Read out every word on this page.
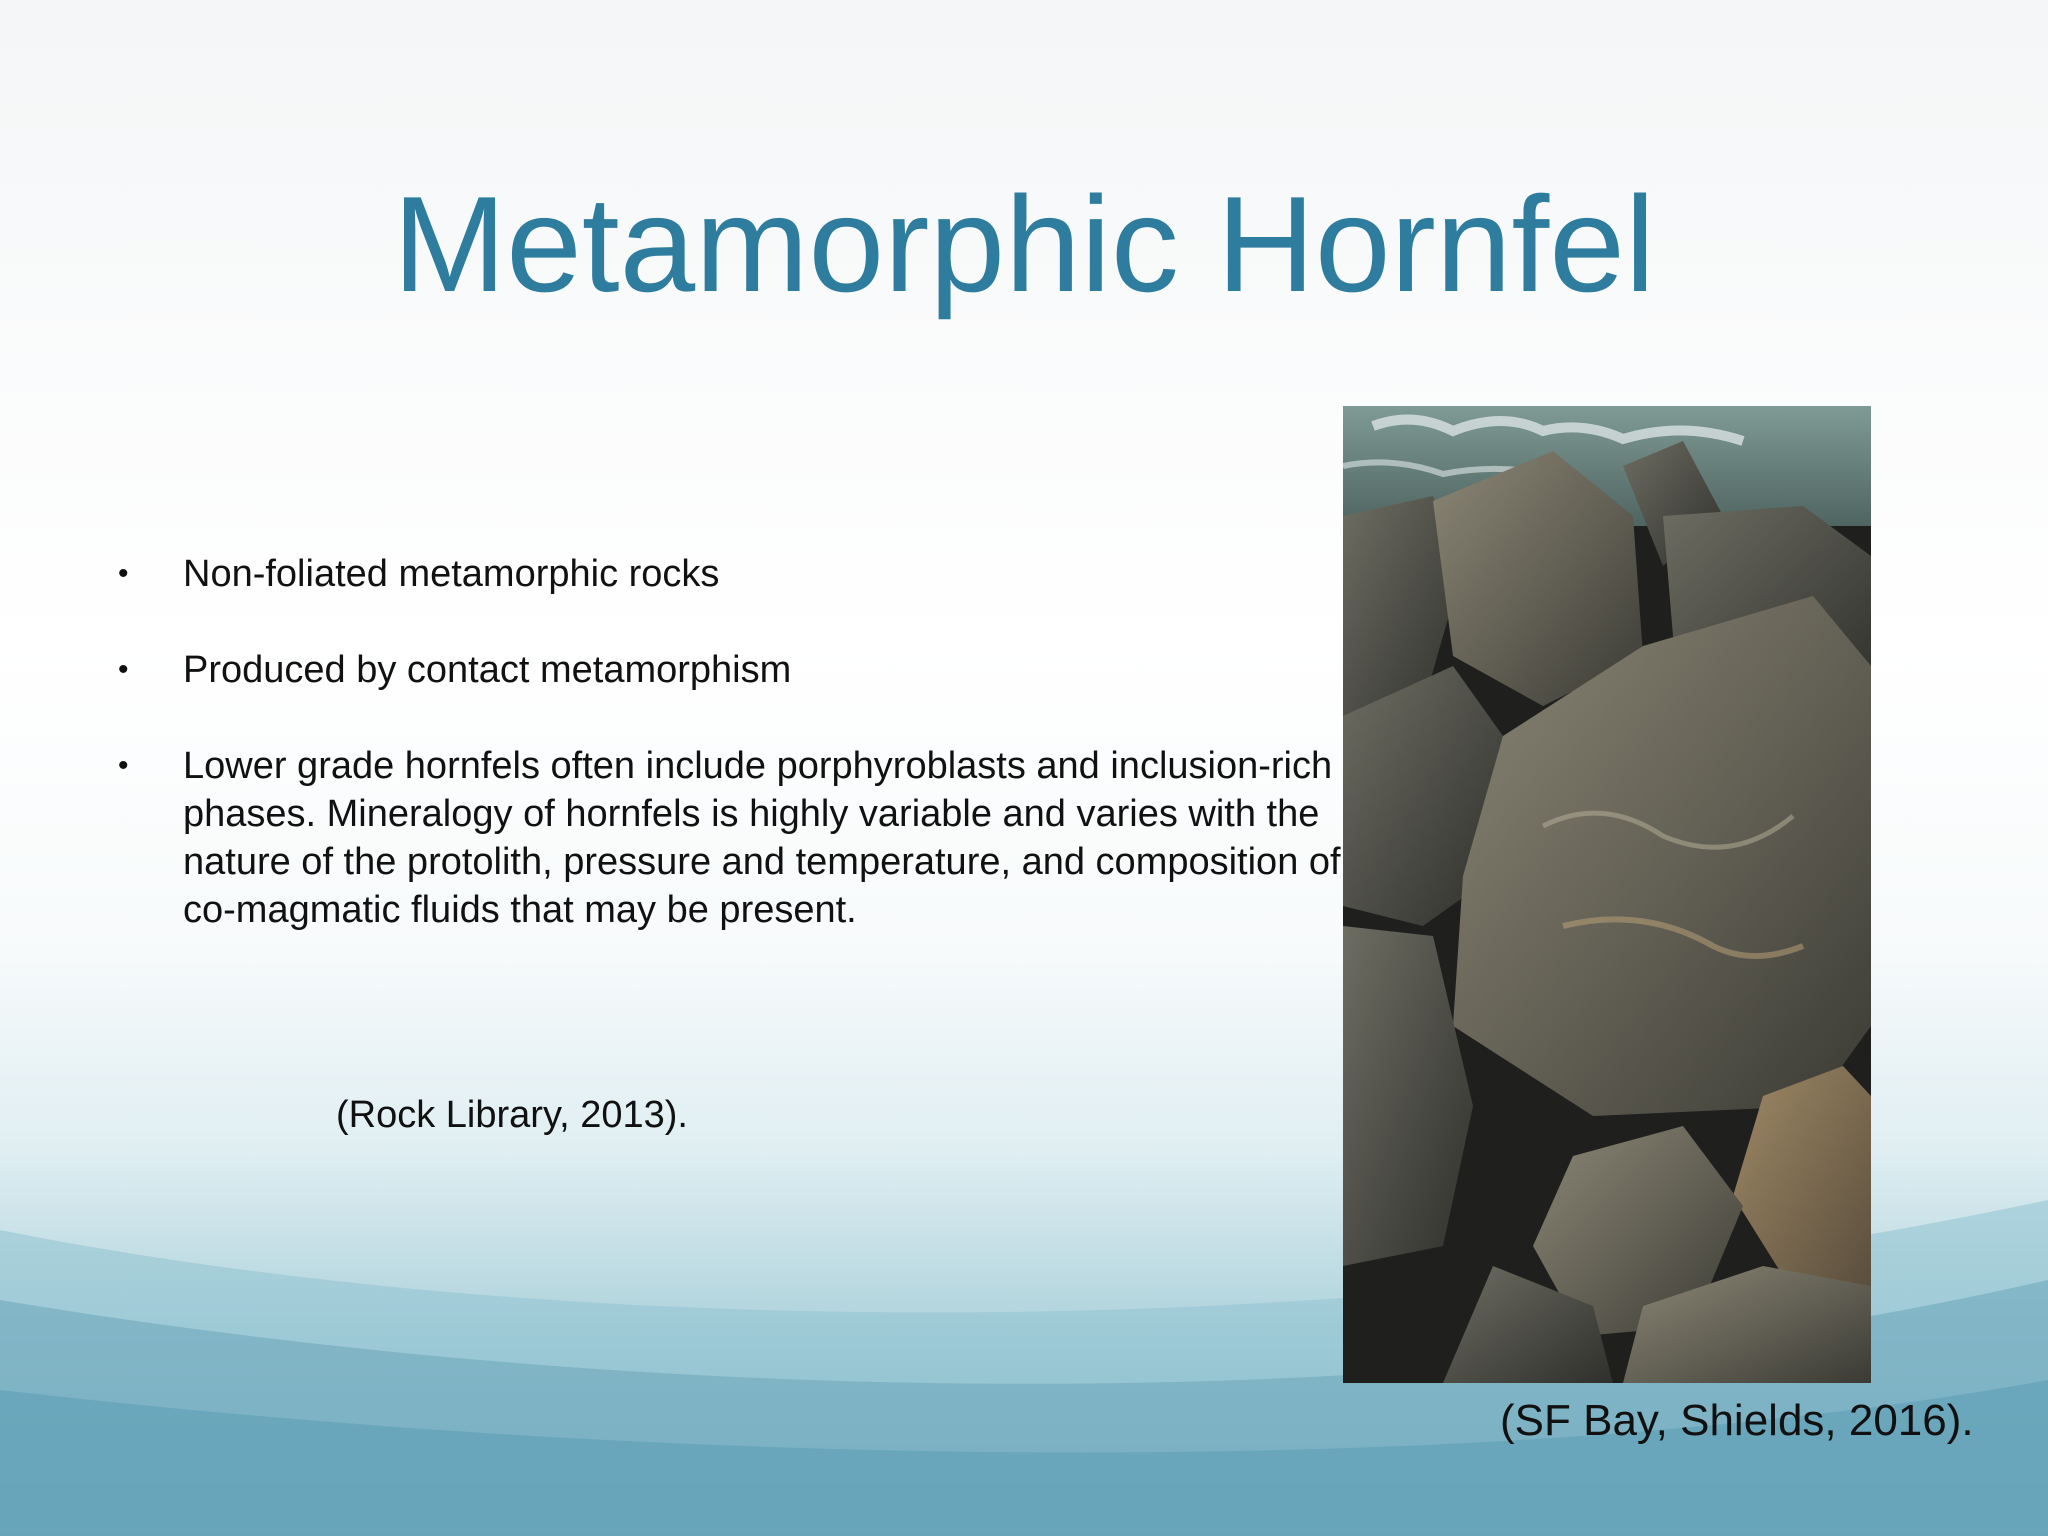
Metamorphic Hornfel
• Non-foliated metamorphic rocks
• Produced by contact metamorphism
• Lower grade hornfels often include porphyroblasts and inclusion-rich phases. Mineralogy of hornfels is highly variable and varies with the nature of the protolith, pressure and temperature, and composition of co-magmatic fluids that may be present.
(Rock Library, 2013).
(SF Bay, Shields, 2016).
